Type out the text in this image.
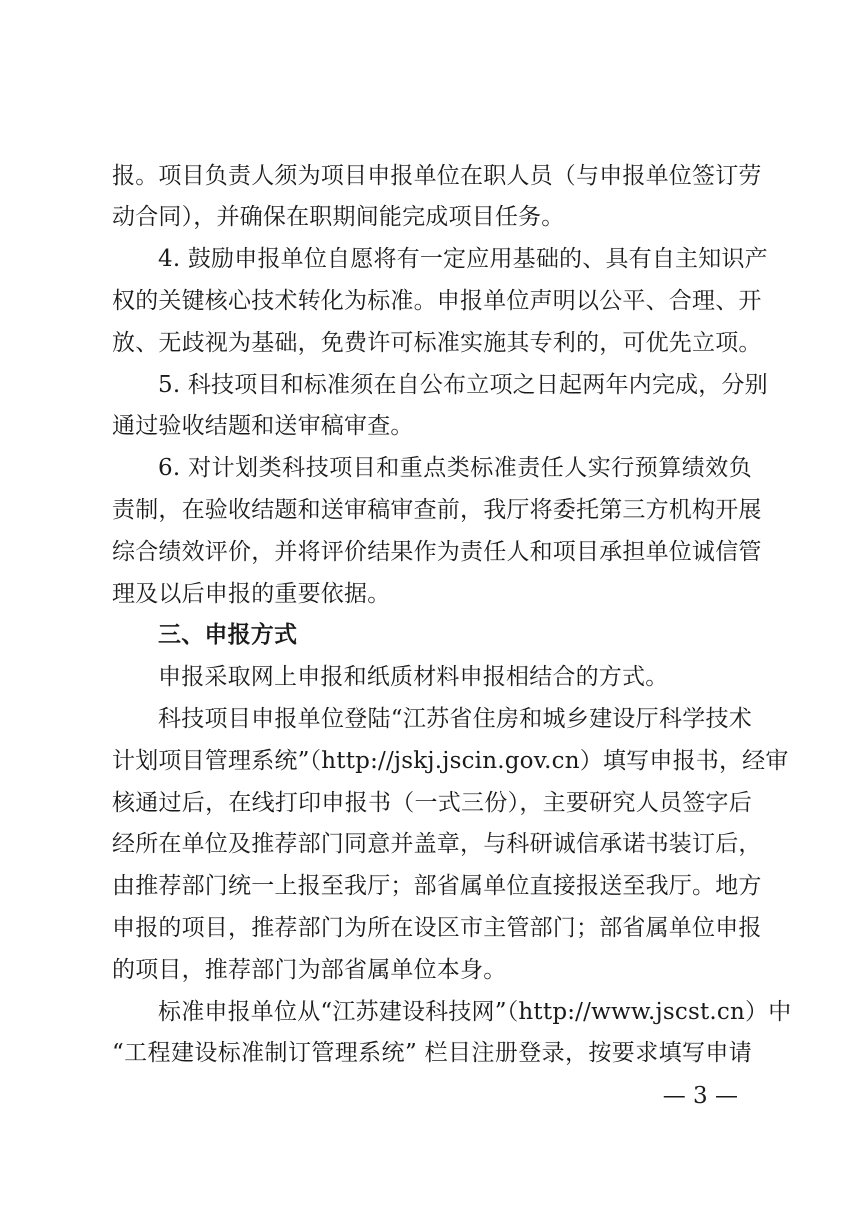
报。项目负责人须为项目申报单位在职人员（与申报单位签订劳
动合同），并确保在职期间能完成项目任务。
4. 鼓励申报单位自愿将有一定应用基础的、具有自主知识产
权的关键核心技术转化为标准。申报单位声明以公平、合理、开
放、无歧视为基础，免费许可标准实施其专利的，可优先立项。
5. 科技项目和标准须在自公布立项之日起两年内完成，分别
通过验收结题和送审稿审查。
6. 对计划类科技项目和重点类标准责任人实行预算绩效负
责制，在验收结题和送审稿审查前，我厅将委托第三方机构开展
综合绩效评价，并将评价结果作为责任人和项目承担单位诚信管
理及以后申报的重要依据。
三、申报方式
申报采取网上申报和纸质材料申报相结合的方式。
科技项目申报单位登陆“江苏省住房和城乡建设厅科学技术
计划项目管理系统”（http://jskj.jscin.gov.cn）填写申报书，经审
核通过后，在线打印申报书（一式三份），主要研究人员签字后
经所在单位及推荐部门同意并盖章，与科研诚信承诺书装订后，
由推荐部门统一上报至我厅；部省属单位直接报送至我厅。地方
申报的项目，推荐部门为所在设区市主管部门；部省属单位申报
的项目，推荐部门为部省属单位本身。
标准申报单位从“江苏建设科技网”（http://www.jscst.cn）中
“工程建设标准制订管理系统” 栏目注册登录，按要求填写申请
— 3 —
